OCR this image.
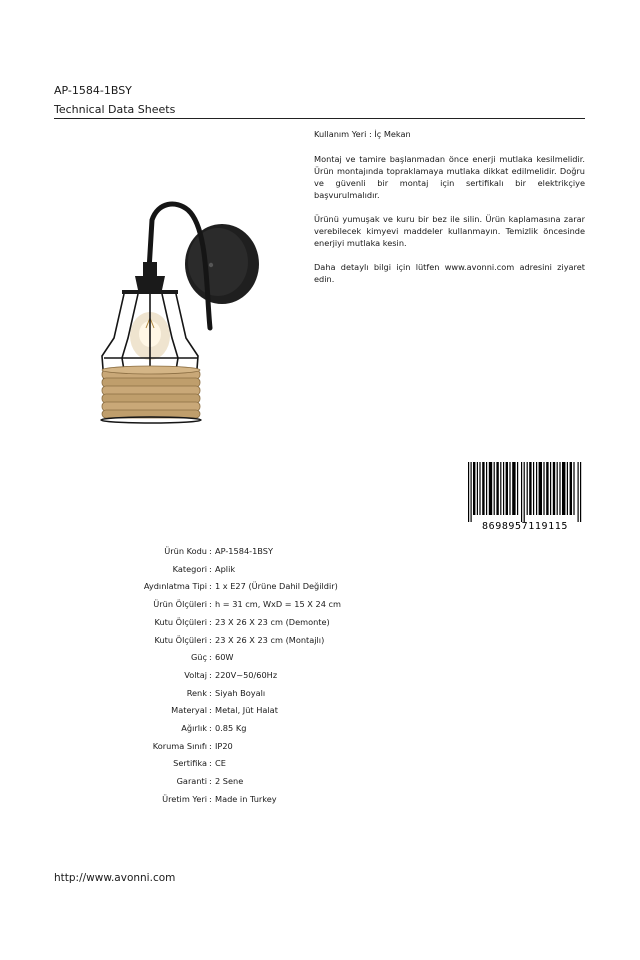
AP-1584-1BSY
Technical Data Sheets

Kullanım Yeri : İç Mekan

Montaj ve tamire başlanmadan önce enerji mutlaka kesilmelidir. Ürün montajında topraklamaya mutlaka dikkat edilmelidir. Doğru ve güvenli bir montaj için sertifikalı bir elektrikçiye başvurulmalıdır.

Ürünü yumuşak ve kuru bir bez ile silin. Ürün kaplamasına zarar verebilecek kimyevi maddeler kullanmayın. Temizlik öncesinde enerjiyi mutlaka kesin.

Daha detaylı bilgi için lütfen www.avonni.com adresini ziyaret edin.

8698957119115
Ürün Kodu : AP-1584-1BSY
Kategori : Aplik
Aydınlatma Tipi : 1 x E27 (Ürüne Dahil Değildir)
Ürün Ölçüleri : h = 31 cm, WxD = 15 X 24 cm
Kutu Ölçüleri : 23 X 26 X 23 cm (Demonte)
Kutu Ölçüleri : 23 X 26 X 23 cm (Montajlı)
Güç : 60W
Voltaj : 220V~50/60Hz
Renk : Siyah Boyalı
Materyal : Metal, Jüt Halat
Ağırlık : 0.85 Kg
Koruma Sınıfı : IP20
Sertifika : CE
Garanti : 2 Sene
Üretim Yeri : Made in Turkey
http://www.avonni.com
